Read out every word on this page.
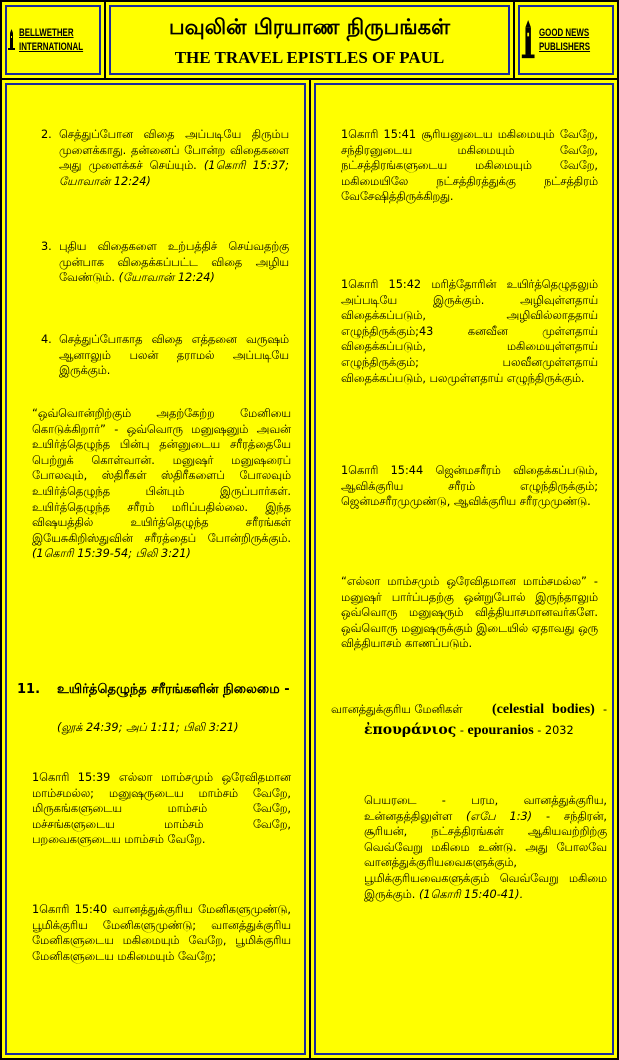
BELLWETHER
INTERNATIONAL
பவுலின் பிரயாண நிருபங்கள்
THE TRAVEL EPISTLES OF PAUL
GOOD NEWS
PUBLISHERS
2. செத்துப்போன விதை அப்படியே திரும்ப முளைக்காது. தன்னைப் போன்ற விதைகளை அது முளைக்கச் செய்யும். (1கொரி 15:37; யோவான் 12:24)
3. புதிய விதைகளை உற்பத்திச் செய்வதற்கு முன்பாக விதைக்கப்பட்ட விதை அழிய வேண்டும். (யோவான் 12:24)
4. செத்துப்போகாத விதை எத்தனை வருஷம் ஆனாலும் பலன் தராமல் அப்படியே இருக்கும்.
“ஒவ்வொன்றிற்கும் அதற்கேற்ற மேனியை கொடுக்கிறார்” - ஒவ்வொரு மனுஷனும் அவன் உயிர்த்தெழுந்த பின்பு தன்னுடைய சரீரத்தையே பெற்றுக் கொள்வான். மனுஷர் மனுஷரைப் போலவும், ஸ்திரீகள் ஸ்திரீகளைப் போலவும் உயிர்த்தெழுந்த பின்பும் இருப்பார்கள். உயிர்த்தெழுந்த சரீரம் மரிப்பதில்லை. இந்த விஷயத்தில் உயிர்த்தெழுந்த சரீரங்கள் இயேசுகிறிஸ்துவின் சரீரத்தைப் போன்றிருக்கும். (1கொரி 15:39-54; பிலி 3:21)
11. உயிர்த்தெழுந்த சரீரங்களின் நிலைமை -
(லூக் 24:39; அப் 1:11; பிலி 3:21)
1கொரி 15:39 எல்லா மாம்சமும் ஒரேவிதமான மாம்சமல்ல; மனுஷருடைய மாம்சம் வேறே, மிருகங்களுடைய மாம்சம் வேறே, மச்சங்களுடைய மாம்சம் வேறே, பறவைகளுடைய மாம்சம் வேறே.
1கொரி 15:40 வானத்துக்குரிய மேனிகளுமுண்டு, பூமிக்குரிய மேனிகளுமுண்டு; வானத்துக்குரிய மேனிகளுடைய மகிமையும் வேறே, பூமிக்குரிய மேனிகளுடைய மகிமையும் வேறே;
1கொரி 15:41 சூரியனுடைய மகிமையும் வேறே, சந்திரனுடைய மகிமையும் வேறே, நட்சத்திரங்களுடைய மகிமையும் வேறே, மகிமையிலே நட்சத்திரத்துக்கு நட்சத்திரம் வேசேஷித்திருக்கிறது.
1கொரி 15:42 மரித்தோரின் உயிர்த்தெழுதலும் அப்படியே இருக்கும். அழிவுள்ளதாய் விதைக்கப்படும், அழிவில்லாததாய் எழுந்திருக்கும்;43 கனவீன முள்ளதாய் விதைக்கப்படும், மகிமையுள்ளதாய் எழுந்திருக்கும்; பலவீனமுள்ளதாய் விதைக்கப்படும், பலமுள்ளதாய் எழுந்திருக்கும்.
1கொரி 15:44 ஜென்மசரீரம் விதைக்கப்படும், ஆவிக்குரிய சரீரம் எழுந்திருக்கும்; ஜென்மசரீரமுமுண்டு, ஆவிக்குரிய சரீரமுமுண்டு.
“எல்லா மாம்சமும் ஒரேவிதமான மாம்சமல்ல” - மனுஷர் பார்ப்பதற்கு ஒன்றுபோல் இருந்தாலும் ஒவ்வொரு மனுஷரும் வித்தியாசமானவர்களே. ஒவ்வொரு மனுஷருக்கும் இடையில் ஏதாவது ஒரு வித்தியாசம் காணப்படும்.
வானத்துக்குரிய மேனிகள்	(celestial bodies) - ἐπουράνιος - epouranios - 2032
பெயரடை - பரம, வானத்துக்குரிய, உன்னதத்திலுள்ள (எபே 1:3) - சந்திரன், சூரியன், நட்சத்திரங்கள் ஆகியவற்றிற்கு வெவ்வேறு மகிமை உண்டு. அது போலவே வானத்துக்குரியவைகளுக்கும், பூமிக்குரியவைகளுக்கும் வெவ்வேறு மகிமை இருக்கும். (1கொரி 15:40-41).
